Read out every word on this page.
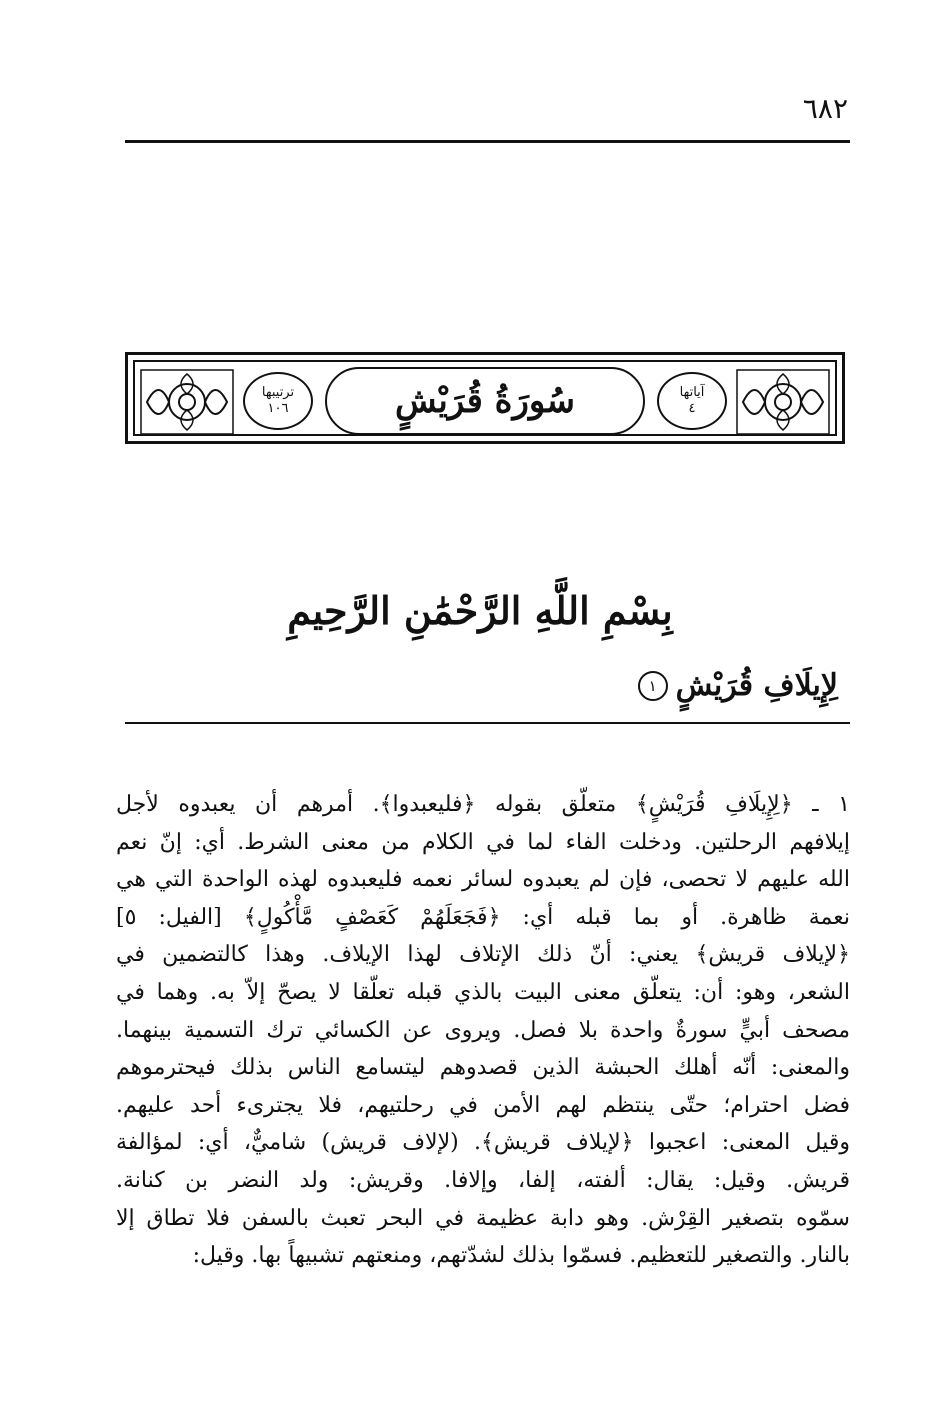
٦٨٢
ترتيبها
١٠٦	سُورَةُ قُرَيْشٍ	آياتها
٤
بِسْمِ اللَّهِ الرَّحْمَٰنِ الرَّحِيمِ
لِإِيلَافِ قُرَيْشٍ
١
١ ـ ﴿لِإِيلَافِ قُرَيْشٍ﴾ متعلّق بقوله ﴿فليعبدوا﴾. أمرهم أن يعبدوه لأجل
إيلافهم الرحلتين. ودخلت الفاء لما في الكلام من معنى الشرط. أي: إنّ نعم
الله عليهم لا تحصى، فإن لم يعبدوه لسائر نعمه فليعبدوه لهذه الواحدة التي هي
نعمة ظاهرة. أو بما قبله أي: ﴿فَجَعَلَهُمْ كَعَصْفٍ مَّأْكُولٍ﴾ [الفيل: ٥]
﴿لإيلاف قريش﴾ يعني: أنّ ذلك الإتلاف لهذا الإيلاف. وهذا كالتضمين في
الشعر، وهو: أن: يتعلّق معنى البيت بالذي قبله تعلّقا لا يصحّ إلاّ به. وهما في
مصحف أبيٍّ سورةٌ واحدة بلا فصل. ويروى عن الكسائي ترك التسمية بينهما.
والمعنى: أنّه أهلك الحبشة الذين قصدوهم ليتسامع الناس بذلك فيحترموهم
فضل احترام؛ حتّى ينتظم لهم الأمن في رحلتيهم، فلا يجترىء أحد عليهم.
وقيل المعنى: اعجبوا ﴿لإيلاف قريش﴾. (لإلاف قريش) شاميٌّ، أي: لمؤالفة
قريش. وقيل: يقال: ألفته، إلفا، وإلافا. وقريش: ولد النضر بن كنانة.
سمّوه بتصغير القِرْش. وهو دابة عظيمة في البحر تعبث بالسفن فلا تطاق إلا
بالنار. والتصغير للتعظيم. فسمّوا بذلك لشدّتهم، ومنعتهم تشبيهاً بها. وقيل:
